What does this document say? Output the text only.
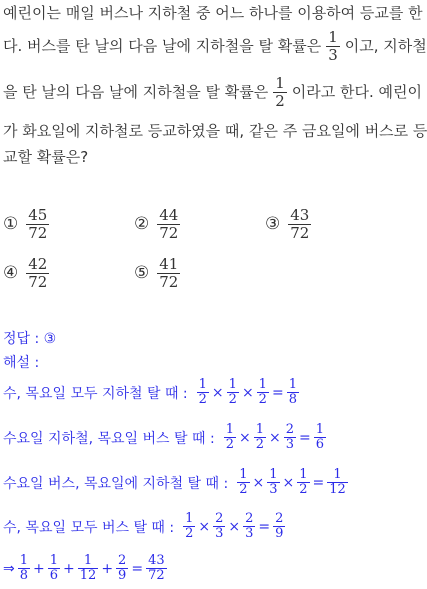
예린이는 매일 버스나 지하철 중 어느 하나를 이용하여 등교를 한
다. 버스를 탄 날의 다음 날에 지하철을 탈 확률은 $\frac{1}{3}$ 이고, 지하철
을 탄 날의 다음 날에 지하철을 탈 확률은 $\frac{1}{2}$ 이라고 한다. 예린이
가 화요일에 지하철로 등교하였을 때, 같은 주 금요일에 버스로 등
교할 확률은?
① $\frac{45}{72}$	② $\frac{44}{72}$	③ $\frac{43}{72}$
④ $\frac{42}{72}$	⑤ $\frac{41}{72}$
정답 : ③
해설 :
수, 목요일 모두 지하철 탈 때 : $\frac{1}{2} \times \frac{1}{2} \times \frac{1}{2} = \frac{1}{8}$
수요일 지하철, 목요일 버스 탈 때 : $\frac{1}{2} \times \frac{1}{2} \times \frac{2}{3} = \frac{1}{6}$
수요일 버스, 목요일에 지하철 탈 때 : $\frac{1}{2} \times \frac{1}{3} \times \frac{1}{2} = \frac{1}{12}$
수, 목요일 모두 버스 탈 때 : $\frac{1}{2} \times \frac{2}{3} \times \frac{2}{3} = \frac{2}{9}$
⇒ $\frac{1}{8} + \frac{1}{6} + \frac{1}{12} + \frac{2}{9} = \frac{43}{72}$
